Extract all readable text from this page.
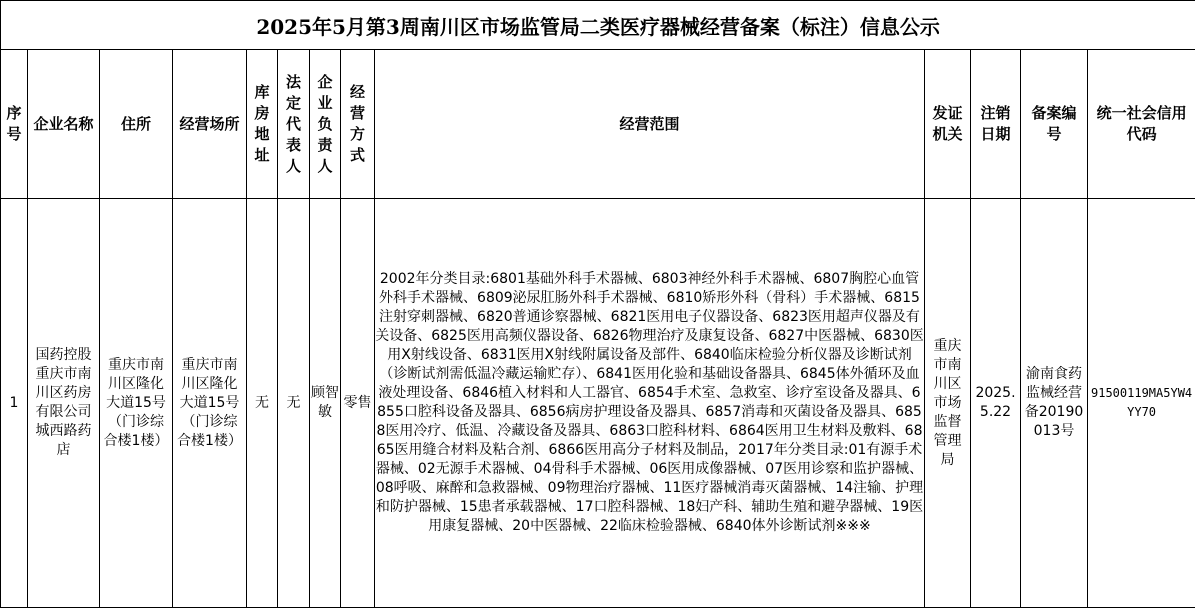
2025年5月第3周南川区市场监管局二类医疗器械经营备案（标注）信息公示												
序号	企业名称	住所	经营场所	库房地址	法定代表人	企业负责人	经营方式	经营范围	发证机关	注销日期	备案编号	统一社会信用代码

1	国药控股重庆市南川区药房有限公司城西路药店	重庆市南川区隆化大道15号（门诊综合楼1楼）	重庆市南川区隆化大道15号（门诊综合楼1楼）	无	无	顾智敏	零售	2002年分类目录:6801基础外科手术器械、6803神经外科手术器械、6807胸腔心血管外科手术器械、6809泌尿肛肠外科手术器械、6810矫形外科（骨科）手术器械、6815注射穿刺器械、6820普通诊察器械、6821医用电子仪器设备、6823医用超声仪器及有关设备、6825医用高频仪器设备、6826物理治疗及康复设备、6827中医器械、6830医用X射线设备、6831医用X射线附属设备及部件、6840临床检验分析仪器及诊断试剂（诊断试剂需低温冷藏运输贮存）、6841医用化验和基础设备器具、6845体外循环及血液处理设备、6846植入材料和人工器官、6854手术室、急救室、诊疗室设备及器具、6855口腔科设备及器具、6856病房护理设备及器具、6857消毒和灭菌设备及器具、6858医用冷疗、低温、冷藏设备及器具、6863口腔科材料、6864医用卫生材料及敷料、6865医用缝合材料及粘合剂、6866医用高分子材料及制品，2017年分类目录:01有源手术器械、02无源手术器械、04骨科手术器械、06医用成像器械、07医用诊察和监护器械、08呼吸、麻醉和急救器械、09物理治疗器械、11医疗器械消毒灭菌器械、14注输、护理和防护器械、15患者承载器械、17口腔科器械、18妇产科、辅助生殖和避孕器械、19医用康复器械、20中医器械、22临床检验器械、6840体外诊断试剂※※※	重庆市南川区市场监督管理局	2025.5.22	渝南食药监械经营备20190013号	91500119MA5YW4YY70
